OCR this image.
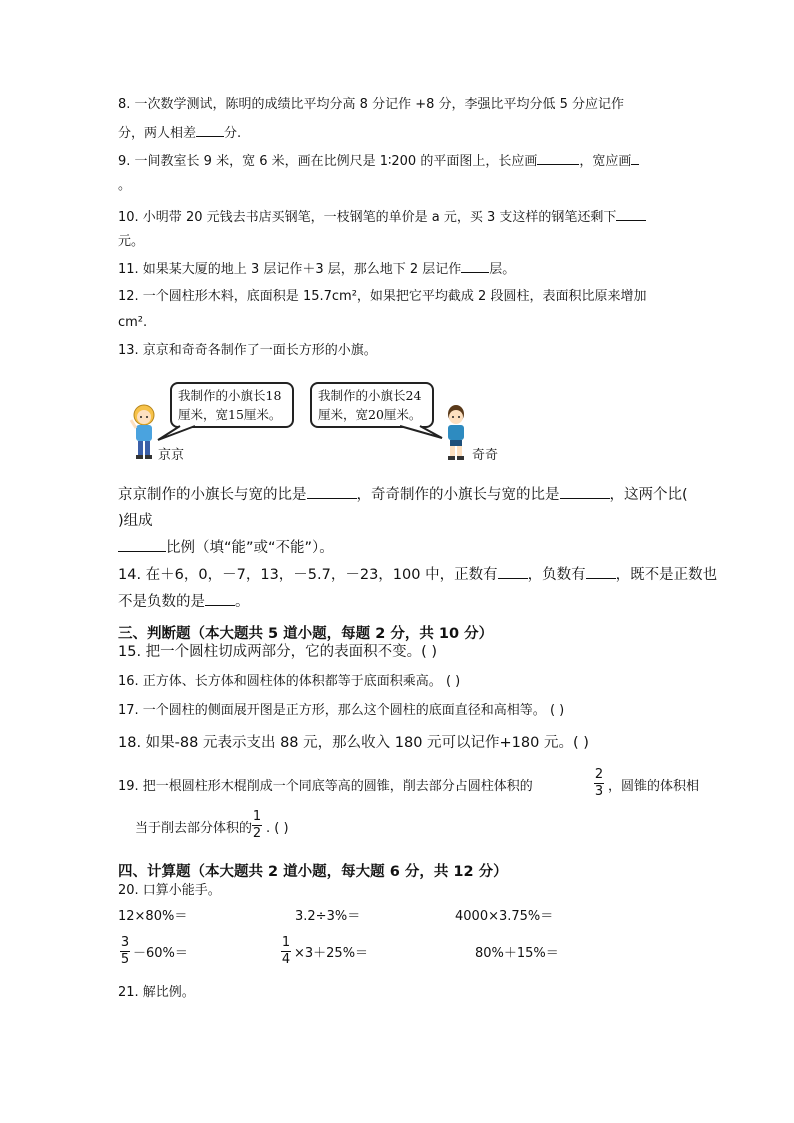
8. 一次数学测试，陈明的成绩比平均分高 8 分记作 +8 分，李强比平均分低 5 分应记作
分，两人相差 分.
9. 一间教室长 9 米，宽 6 米，画在比例尺是 1∶200 的平面图上，长应画	，宽应画
。
10. 小明带 20 元钱去书店买钢笔，一枝钢笔的单价是 a 元，买 3 支这样的钢笔还剩下
元。
11. 如果某大厦的地上 3 层记作＋3 层，那么地下 2 层记作 层。
12. 一个圆柱形木料，底面积是 15.7cm²，如果把它平均截成 2 段圆柱，表面积比原来增加
cm².
13. 京京和奇奇各制作了一面长方形的小旗。
京京
我制作的小旗长18
厘米，宽15厘米。
我制作的小旗长24
厘米，宽20厘米。
奇奇
京京制作的小旗长与宽的比是	，奇奇制作的小旗长与宽的比是	，这两个比(
)组成
比例（填“能”或“不能”）。
14. 在＋6，0，－7，13，－5.7，－23，100 中，正数有 ，负数有 ，既不是正数也
不是负数的是 。
三、判断题（本大题共 5 道小题，每题 2 分，共 10 分）
15. 把一个圆柱切成两部分，它的表面积不变。( )
16. 正方体、长方体和圆柱体的体积都等于底面积乘高。 ( )
17. 一个圆柱的侧面展开图是正方形，那么这个圆柱的底面直径和高相等。 ( )
18. 如果-88 元表示支出 88 元，那么收入 180 元可以记作+180 元。( )
19. 把一根圆柱形木棍削成一个同底等高的圆锥，削去部分占圆柱体积的
2
3 ，圆锥的体积相
当于削去部分体积的
1
2 . ( )
四、计算题（本大题共 2 道小题，每大题 6 分，共 12 分）
20. 口算小能手。
12×80%＝	3.2÷3%＝	4000×3.75%＝
3
5 －60%＝
1
4 ×3＋25%＝	80%＋15%＝
21. 解比例。
